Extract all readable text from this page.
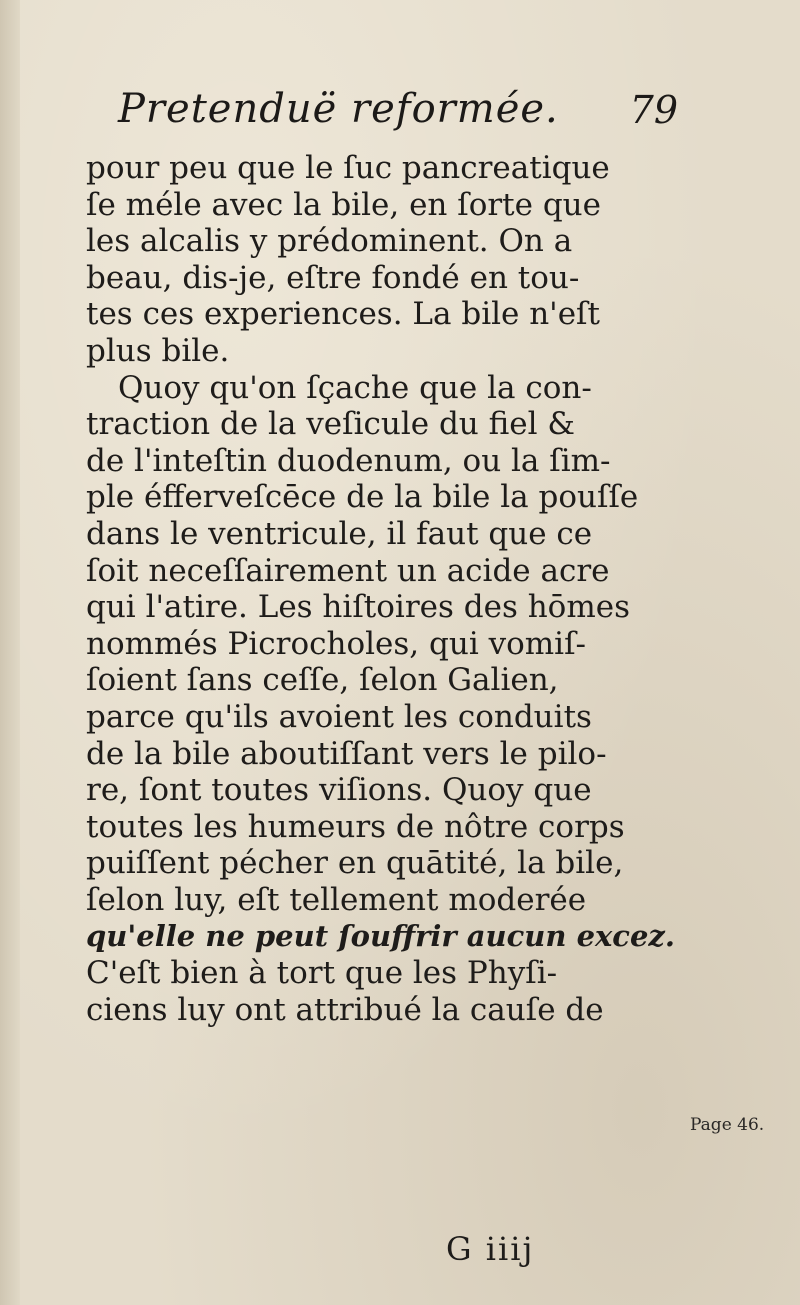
Pretenduë reformée. 79
pour peu que le ſuc pancreatique
ſe méle avec la bile, en ſorte que
les alcalis y prédominent. On a
beau, dis-je, eſtre fondé en tou-
tes ces experiences. La bile n'eſt
plus bile.
Quoy qu'on ſçache que la con-
traction de la veſicule du fiel &
de l'inteſtin duodenum, ou la ſim-
ple éfferveſcēce de la bile la pouſſe
dans le ventricule, il faut que ce
ſoit neceſſairement un acide acre
qui l'atire. Les hiſtoires des hōmes
nommés Picrocholes, qui vomiſ-
ſoient ſans ceſſe, ſelon Galien,
parce qu'ils avoient les conduits
de la bile aboutiſſant vers le pilo-
re, ſont toutes viſions. Quoy que
toutes les humeurs de nôtre corps
puiſſent pécher en quātité, la bile,
ſelon luy, eſt tellement moderée
qu'elle ne peut ſouffrir aucun excez.
C'eſt bien à tort que les Phyſi-
ciens luy ont attribué la cauſe de
Page 46.
G iiij
